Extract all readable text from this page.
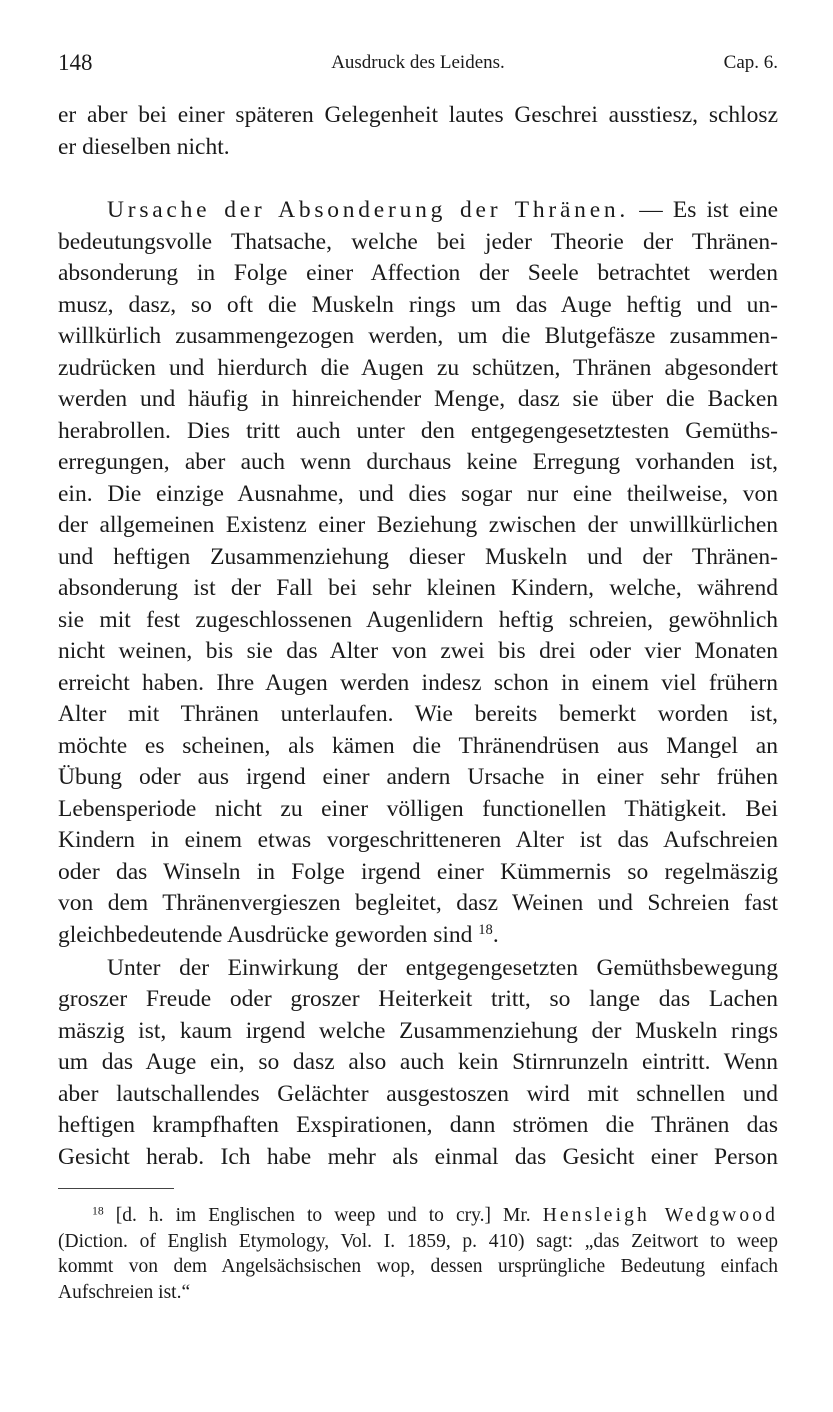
148	Ausdruck des Leidens.	Cap. 6.
er aber bei einer späteren Gelegenheit lautes Geschrei ausstiesz, schlosz
er dieselben nicht.
Ursache der Absonderung der Thränen. — Es ist eine
bedeutungsvolle Thatsache, welche bei jeder Theorie der Thränen-
absonderung in Folge einer Affection der Seele betrachtet werden
musz, dasz, so oft die Muskeln rings um das Auge heftig und un-
willkürlich zusammengezogen werden, um die Blutgefäsze zusammen-
zudrücken und hierdurch die Augen zu schützen, Thränen abgesondert
werden und häufig in hinreichender Menge, dasz sie über die Backen
herabrollen. Dies tritt auch unter den entgegengesetztesten Gemüths-
erregungen, aber auch wenn durchaus keine Erregung vorhanden ist,
ein. Die einzige Ausnahme, und dies sogar nur eine theilweise, von
der allgemeinen Existenz einer Beziehung zwischen der unwillkürlichen
und heftigen Zusammenziehung dieser Muskeln und der Thränen-
absonderung ist der Fall bei sehr kleinen Kindern, welche, während
sie mit fest zugeschlossenen Augenlidern heftig schreien, gewöhnlich
nicht weinen, bis sie das Alter von zwei bis drei oder vier Monaten
erreicht haben. Ihre Augen werden indesz schon in einem viel frühern
Alter mit Thränen unterlaufen. Wie bereits bemerkt worden ist,
möchte es scheinen, als kämen die Thränendrüsen aus Mangel an
Übung oder aus irgend einer andern Ursache in einer sehr frühen
Lebensperiode nicht zu einer völligen functionellen Thätigkeit. Bei
Kindern in einem etwas vorgeschritteneren Alter ist das Aufschreien
oder das Winseln in Folge irgend einer Kümmernis so regelmäszig
von dem Thränenvergieszen begleitet, dasz Weinen und Schreien fast
gleichbedeutende Ausdrücke geworden sind $^{18}$.
Unter der Einwirkung der entgegengesetzten Gemüthsbewegung
groszer Freude oder groszer Heiterkeit tritt, so lange das Lachen
mäszig ist, kaum irgend welche Zusammenziehung der Muskeln rings
um das Auge ein, so dasz also auch kein Stirnrunzeln eintritt. Wenn
aber lautschallendes Gelächter ausgestoszen wird mit schnellen und
heftigen krampfhaften Exspirationen, dann strömen die Thränen das
Gesicht herab. Ich habe mehr als einmal das Gesicht einer Person
$^{18}$ [d. h. im Englischen to weep und to cry.] Mr. Hensleigh Wedgwood
(Diction. of English Etymology, Vol. I. 1859, p. 410) sagt: „das Zeitwort to weep
kommt von dem Angelsächsischen wop, dessen ursprüngliche Bedeutung einfach
Aufschreien ist.“
